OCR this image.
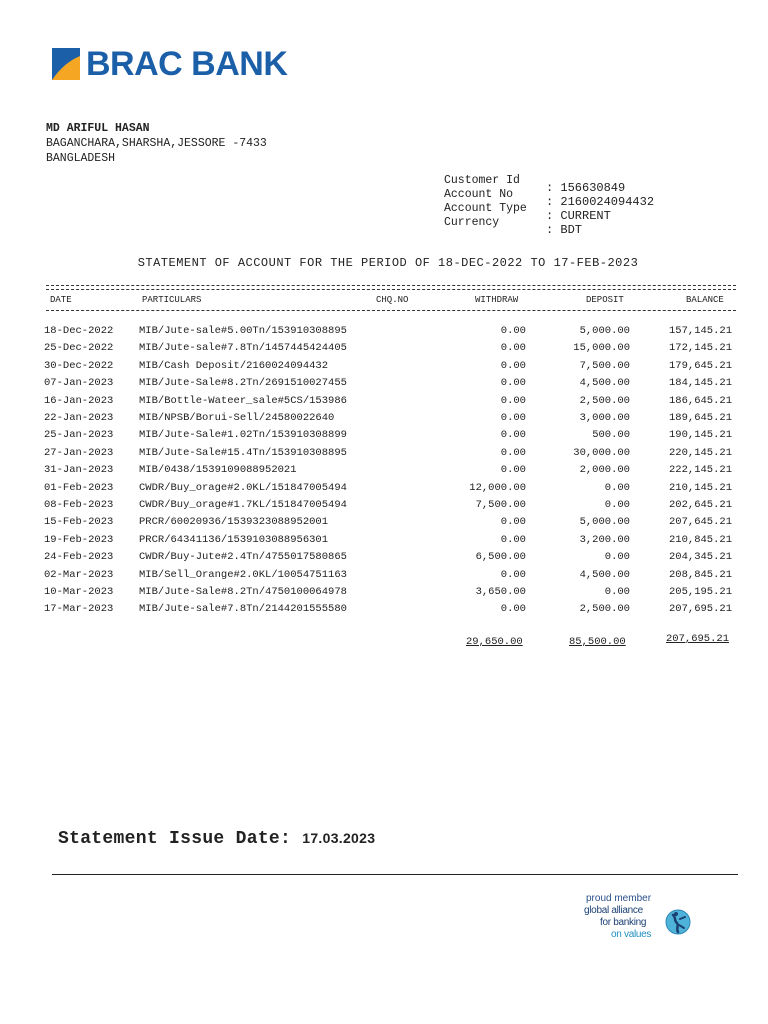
BRAC BANK
MD ARIFUL HASAN
BAGANCHARA,SHARSHA,JESSORE -7433
BANGLADESH
Customer Id
: 156630849
Account No
: 2160024094432
Account Type
: CURRENT
Currency
: BDT
STATEMENT OF ACCOUNT FOR THE PERIOD OF 18-DEC-2022 TO 17-FEB-2023
DATE	PARTICULARS	CHQ.NO	WITHDRAW	DEPOSIT	BALANCE
18-Dec-2022 MIB/Jute-sale#5.00Tn/153910308895	0.00	5,000.00	157,145.21
25-Dec-2022 MIB/Jute-sale#7.8Tn/1457445424405	0.00	15,000.00	172,145.21
30-Dec-2022 MIB/Cash Deposit/2160024094432	0.00	7,500.00	179,645.21
07-Jan-2023 MIB/Jute-Sale#8.2Tn/2691510027455	0.00	4,500.00	184,145.21
16-Jan-2023 MIB/Bottle-Wateer_sale#5CS/153986	0.00	2,500.00	186,645.21
22-Jan-2023 MIB/NPSB/Borui-Sell/24580022640	0.00	3,000.00	189,645.21
25-Jan-2023 MIB/Jute-Sale#1.02Tn/153910308899	0.00	500.00	190,145.21
27-Jan-2023 MIB/Jute-Sale#15.4Tn/153910308895	0.00	30,000.00	220,145.21
31-Jan-2023 MIB/0438/1539109088952021	0.00	2,000.00	222,145.21
01-Feb-2023 CWDR/Buy_orage#2.0KL/151847005494	12,000.00	0.00	210,145.21
08-Feb-2023 CWDR/Buy_orage#1.7KL/151847005494	7,500.00	0.00	202,645.21
15-Feb-2023 PRCR/60020936/1539323088952001	0.00	5,000.00	207,645.21
19-Feb-2023 PRCR/64341136/1539103088956301	0.00	3,200.00	210,845.21
24-Feb-2023 CWDR/Buy-Jute#2.4Tn/4755017580865	6,500.00	0.00	204,345.21
02-Mar-2023 MIB/Sell_Orange#2.0KL/10054751163	0.00	4,500.00	208,845.21
10-Mar-2023 MIB/Jute-Sale#8.2Tn/4750100064978	3,650.00	0.00	205,195.21
17-Mar-2023 MIB/Jute-sale#7.8Tn/2144201555580	0.00	2,500.00	207,695.21
29,650.00	85,500.00	207,695.21
Statement Issue Date: 17.03.2023
proud member
global alliance
for banking
on values
